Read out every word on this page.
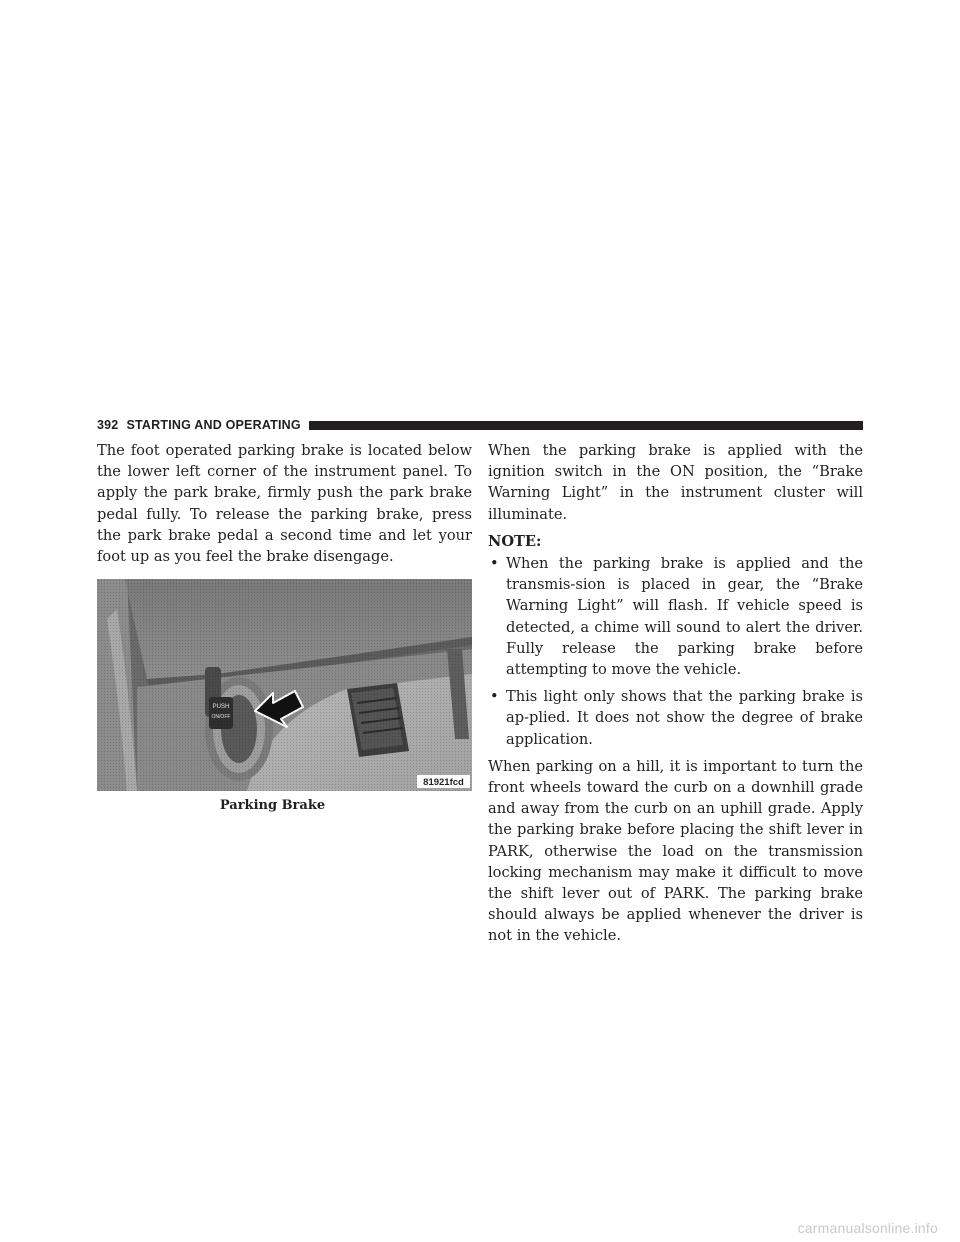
392 STARTING AND OPERATING

The foot operated parking brake is located below the lower left corner of the instrument panel. To apply the park brake, firmly push the park brake pedal fully. To release the parking brake, press the park brake pedal a second time and let your foot up as you feel the brake disengage.

81921fcd
Parking Brake

When the parking brake is applied with the ignition switch in the ON position, the “Brake Warning Light” in the instrument cluster will illuminate.

NOTE:

• When the parking brake is applied and the transmis-sion is placed in gear, the “Brake Warning Light” will flash. If vehicle speed is detected, a chime will sound to alert the driver. Fully release the parking brake before attempting to move the vehicle.
• This light only shows that the parking brake is ap-plied. It does not show the degree of brake application.

When parking on a hill, it is important to turn the front wheels toward the curb on a downhill grade and away from the curb on an uphill grade. Apply the parking brake before placing the shift lever in PARK, otherwise the load on the transmission locking mechanism may make it difficult to move the shift lever out of PARK. The parking brake should always be applied whenever the driver is not in the vehicle.

carmanualsonline.info
